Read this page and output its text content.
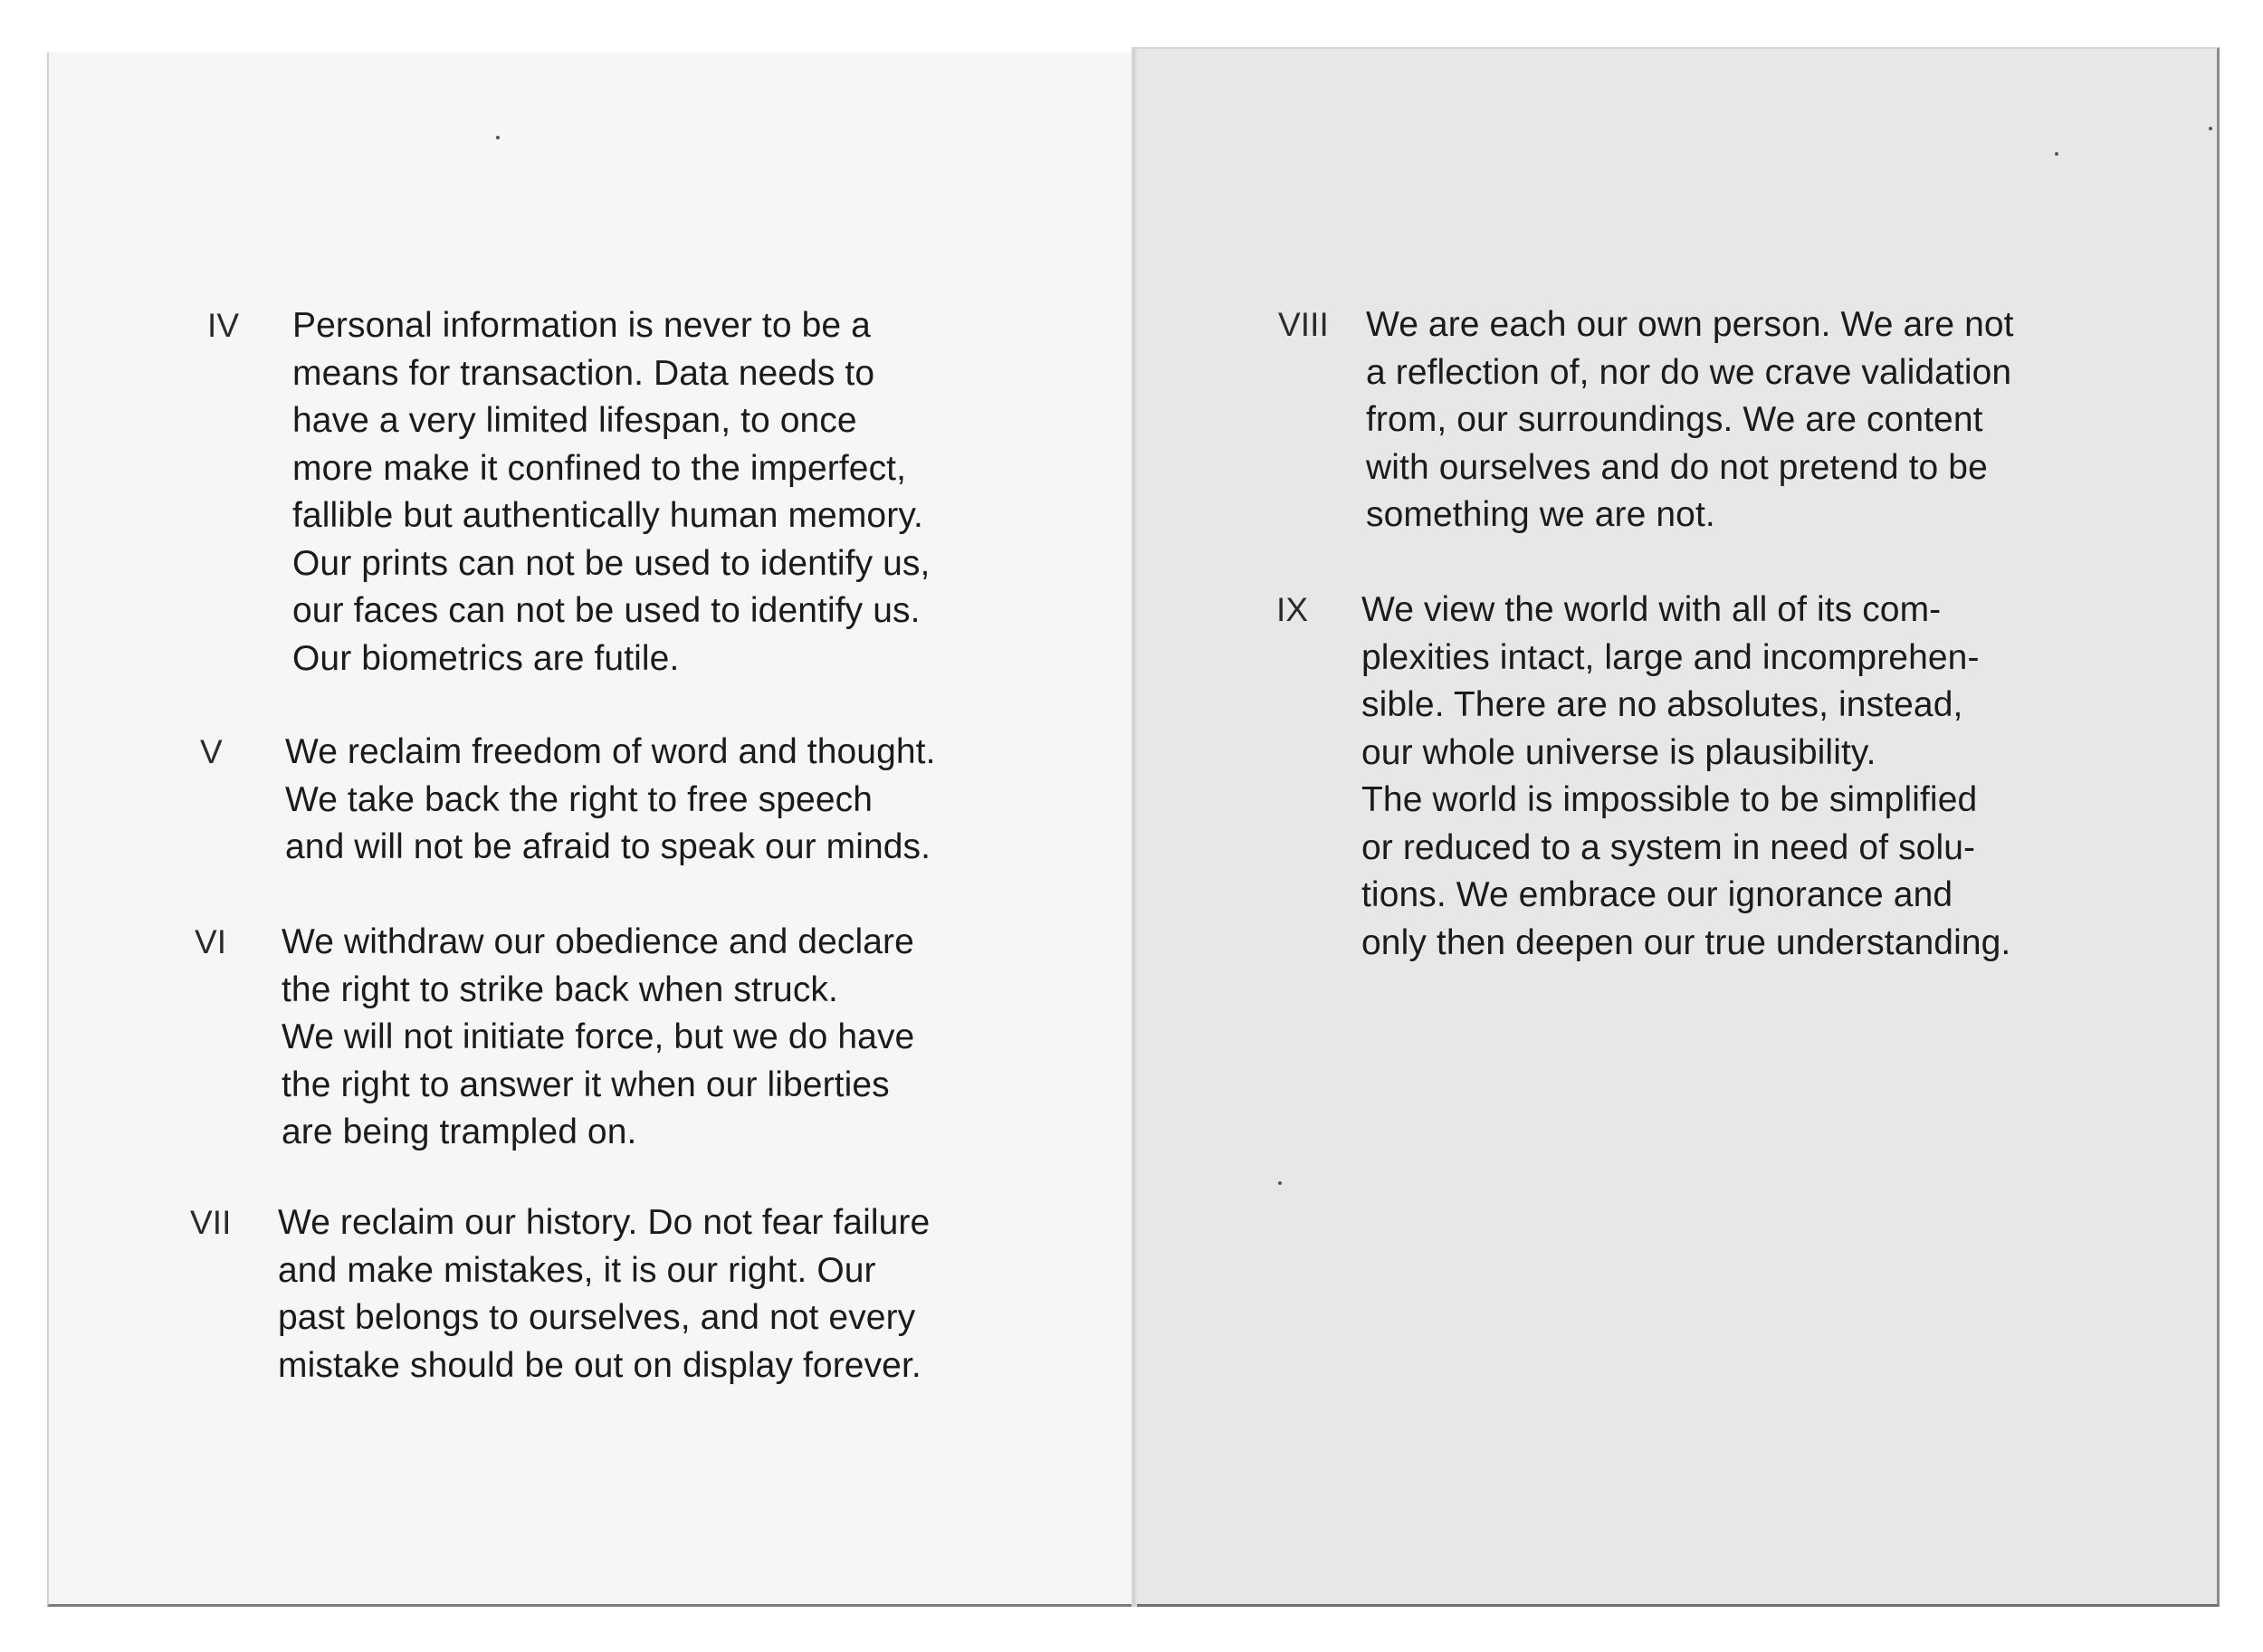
IV Personal information is never to be a
means for transaction. Data needs to
have a very limited lifespan, to once
more make it confined to the imperfect,
fallible but authentically human memory.
Our prints can not be used to identify us,
our faces can not be used to identify us.
Our biometrics are futile.
V We reclaim freedom of word and thought.
We take back the right to free speech
and will not be afraid to speak our minds.
VI We withdraw our obedience and declare
the right to strike back when struck.
We will not initiate force, but we do have
the right to answer it when our liberties
are being trampled on.
VII We reclaim our history. Do not fear failure
and make mistakes, it is our right. Our
past belongs to ourselves, and not every
mistake should be out on display forever.
VIII We are each our own person. We are not
a reflection of, nor do we crave validation
from, our surroundings. We are content
with ourselves and do not pretend to be
something we are not.
IX We view the world with all of its com-
plexities intact, large and incomprehen-
sible. There are no absolutes, instead,
our whole universe is plausibility.
The world is impossible to be simplified
or reduced to a system in need of solu-
tions. We embrace our ignorance and
only then deepen our true understanding.
